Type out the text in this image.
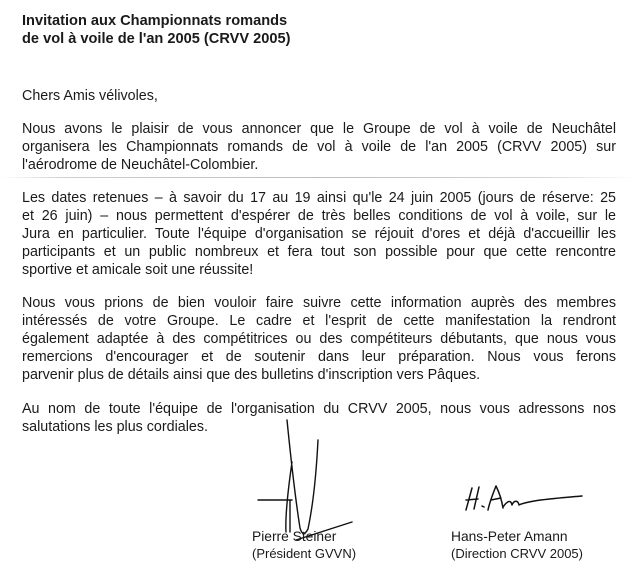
Invitation aux Championnats romands
de vol à voile de l'an 2005 (CRVV 2005)
Chers Amis vélivoles,

Nous avons le plaisir de vous annoncer que le Groupe de vol à voile de Neuchâtel
organisera les Championnats romands de vol à voile de l'an 2005 (CRVV 2005) sur
l'aérodrome de Neuchâtel-Colombier.

Les dates retenues – à savoir du 17 au 19 ainsi qu'le 24 juin 2005 (jours de réserve: 25
et 26 juin) – nous permettent d'espérer de très belles conditions de vol à voile, sur le
Jura en particulier. Toute l'équipe d'organisation se réjouit d'ores et déjà d'accueillir les
participants et un public nombreux et fera tout son possible pour que cette rencontre
sportive et amicale soit une réussite!

Nous vous prions de bien vouloir faire suivre cette information auprès des membres
intéressés de votre Groupe. Le cadre et l'esprit de cette manifestation la rendront
également adaptée à des compétitrices ou des compétiteurs débutants, que nous vous
remercions d'encourager et de soutenir dans leur préparation. Nous vous ferons
parvenir plus de détails ainsi que des bulletins d'inscription vers Pâques.

Au nom de toute l'équipe de l'organisation du CRVV 2005, nous vous adressons nos
salutations les plus cordiales.

Pierre Steiner
(Président GVVN)
Hans-Peter Amann
(Direction CRVV 2005)
